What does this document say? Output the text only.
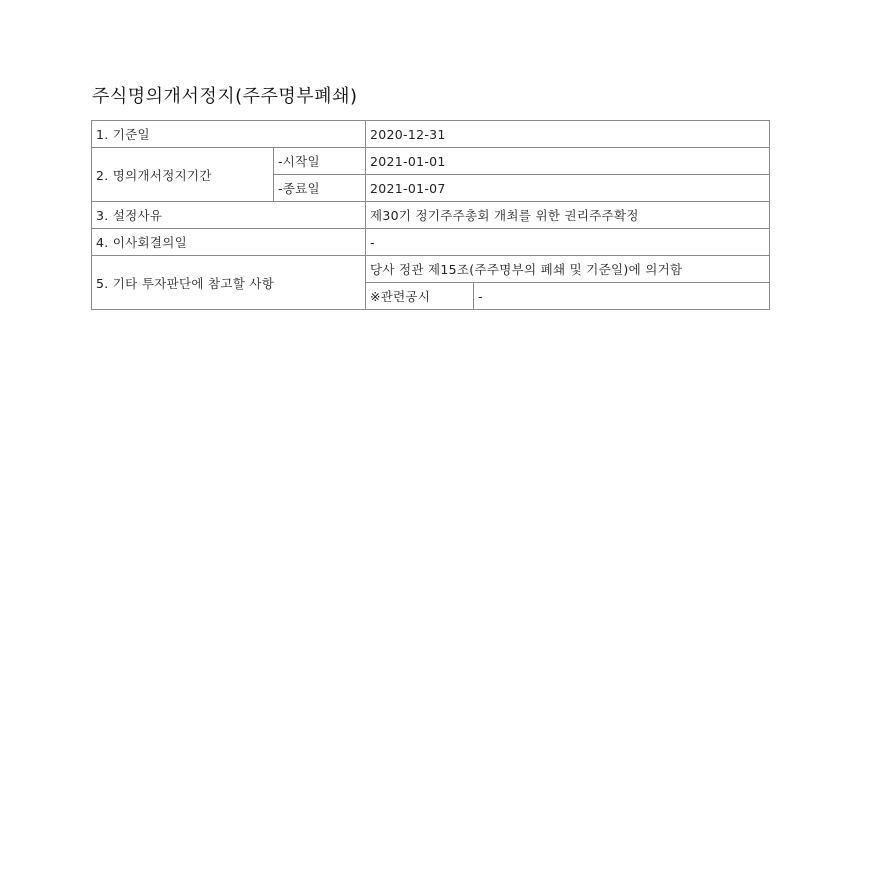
주식명의개서정지(주주명부폐쇄)
1. 기준일		2020-12-31	
2. 명의개서정지기간	-시작일	2021-01-01	
	-종료일	2021-01-07	
3. 설정사유		제30기 정기주주총회 개최를 위한 권리주주확정	
4. 이사회결의일		-	
5. 기타 투자판단에 참고할 사항		당사 정관 제15조(주주명부의 폐쇄 및 기준일)에 의거함	
		※관련공시	-
